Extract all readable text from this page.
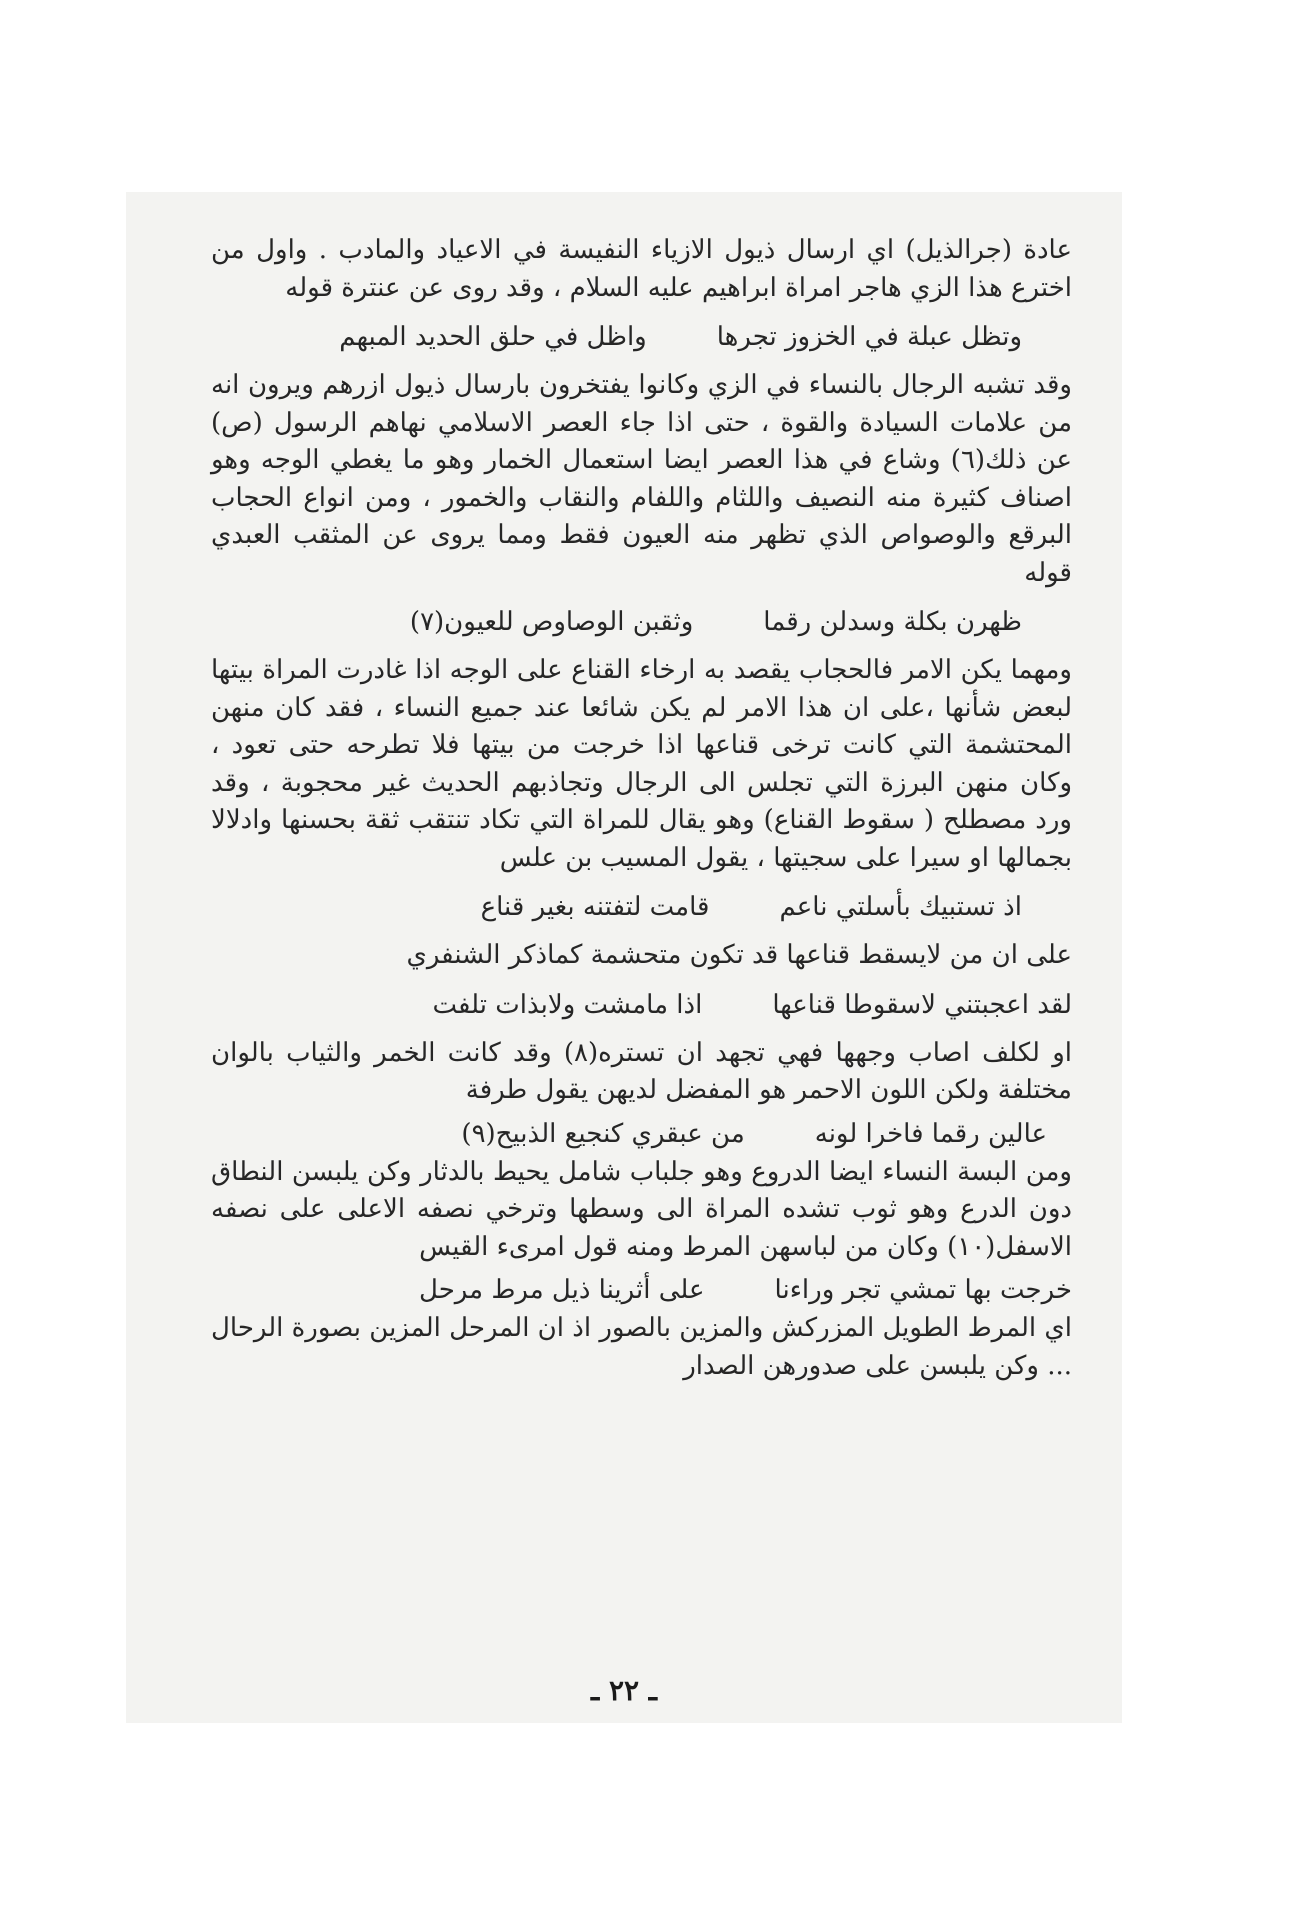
عادة (جرالذيل) اي ارسال ذيول الازياء النفيسة في الاعياد والمادب . واول من اخترع هذا الزي هاجر امراة ابراهيم عليه السلام ، وقد روى عن عنترة قوله

وتظل عبلة في الخزوز تجرها
واظل في حلق الحديد المبهم

وقد تشبه الرجال بالنساء في الزي وكانوا يفتخرون بارسال ذيول ازرهم ويرون انه من علامات السيادة والقوة ، حتى اذا جاء العصر الاسلامي نهاهم الرسول (ص) عن ذلك(٦) وشاع في هذا العصر ايضا استعمال الخمار وهو ما يغطي الوجه وهو اصناف كثيرة منه النصيف واللثام واللفام والنقاب والخمور ، ومن انواع الحجاب البرقع والوصواص الذي تظهر منه العيون فقط ومما يروى عن المثقب العبدي قوله

ظهرن بكلة وسدلن رقما
وثقبن الوصاوص للعيون(٧)

ومهما يكن الامر فالحجاب يقصد به ارخاء القناع على الوجه اذا غادرت المراة بيتها لبعض شأنها ،على ان هذا الامر لم يكن شائعا عند جميع النساء ، فقد كان منهن المحتشمة التي كانت ترخى قناعها اذا خرجت من بيتها فلا تطرحه حتى تعود ، وكان منهن البرزة التي تجلس الى الرجال وتجاذبهم الحديث غير محجوبة ، وقد ورد مصطلح ( سقوط القناع) وهو يقال للمراة التي تكاد تنتقب ثقة بحسنها وادلالا بجمالها او سيرا على سجيتها ، يقول المسيب بن علس

اذ تستبيك بأسلتي ناعم
قامت لتفتنه بغير قناع

على ان من لايسقط قناعها قد تكون متحشمة كماذكر الشنفري

لقد اعجبتني لاسقوطا قناعها
اذا مامشت ولابذات تلفت

او لكلف اصاب وجهها فهي تجهد ان تستره(٨) وقد كانت الخمر والثياب بالوان مختلفة ولكن اللون الاحمر هو المفضل لديهن يقول طرفة

عالين رقما فاخرا لونه
من عبقري كنجيع الذبيح(٩)

ومن البسة النساء ايضا الدروع وهو جلباب شامل يحيط بالدثار وكن يلبسن النطاق دون الدرع وهو ثوب تشده المراة الى وسطها وترخي نصفه الاعلى على نصفه الاسفل(١٠) وكان من لباسهن المرط ومنه قول امرىء القيس

خرجت بها تمشي تجر وراءنا
على أثرينا ذيل مرط مرحل

اي المرط الطويل المزركش والمزين بالصور اذ ان المرحل المزين بصورة الرحال ... وكن يلبسن على صدورهن الصدار

ـ ٢٢ ـ
